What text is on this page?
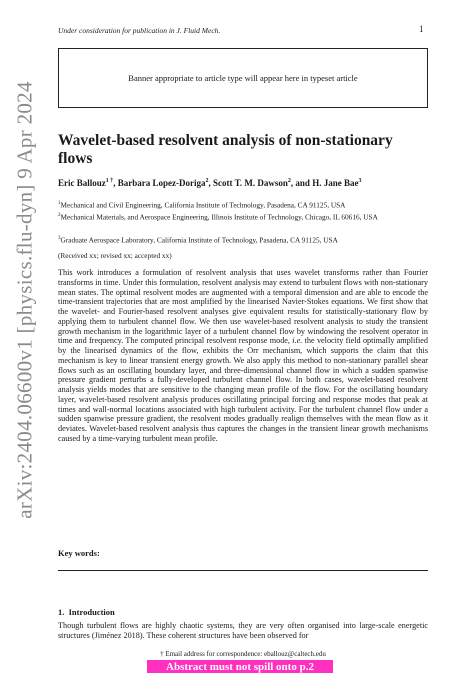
arXiv:2404.06600v1 [physics.flu-dyn] 9 Apr 2024
Under consideration for publication in J. Fluid Mech.	1
Banner appropriate to article type will appear here in typeset article
Wavelet-based resolvent analysis of non-stationary flows
Eric Ballouz$^{1 \dagger}$, Barbara Lopez-Doriga$^2$, Scott T. M. Dawson$^2$, and H. Jane Bae$^3$
$^1$Mechanical and Civil Engineering, California Institute of Technology, Pasadena, CA 91125, USA
$^2$Mechanical Materials, and Aerospace Engineering, Illinois Institute of Technology, Chicago, IL 60616, USA
$^3$Graduate Aerospace Laboratory, California Institute of Technology, Pasadena, CA 91125, USA
(Received xx; revised xx; accepted xx)
This work introduces a formulation of resolvent analysis that uses wavelet transforms rather than Fourier transforms in time. Under this formulation, resolvent analysis may extend to turbulent flows with non-stationary mean states. The optimal resolvent modes are augmented with a temporal dimension and are able to encode the time-transient trajectories that are most amplified by the linearised Navier-Stokes equations. We first show that the wavelet- and Fourier-based resolvent analyses give equivalent results for statistically-stationary flow by applying them to turbulent channel flow. We then use wavelet-based resolvent analysis to study the transient growth mechanism in the logarithmic layer of a turbulent channel flow by windowing the resolvent operator in time and frequency. The computed principal resolvent response mode, i.e. the velocity field optimally amplified by the linearised dynamics of the flow, exhibits the Orr mechanism, which supports the claim that this mechanism is key to linear transient energy growth. We also apply this method to non-stationary parallel shear flows such as an oscillating boundary layer, and three-dimensional channel flow in which a sudden spanwise pressure gradient perturbs a fully-developed turbulent channel flow. In both cases, wavelet-based resolvent analysis yields modes that are sensitive to the changing mean profile of the flow. For the oscillating boundary layer, wavelet-based resolvent analysis produces oscillating principal forcing and response modes that peak at times and wall-normal locations associated with high turbulent activity. For the turbulent channel flow under a sudden spanwise pressure gradient, the resolvent modes gradually realign themselves with the mean flow as it deviates. Wavelet-based resolvent analysis thus captures the changes in the transient linear growth mechanisms caused by a time-varying turbulent mean profile.
Key words:
1. Introduction
Though turbulent flows are highly chaotic systems, they are very often organised into large-scale energetic structures (Jiménez 2018). These coherent structures have been observed for
† Email address for correspondence: eballouz@caltech.edu
Abstract must not spill onto p.2
